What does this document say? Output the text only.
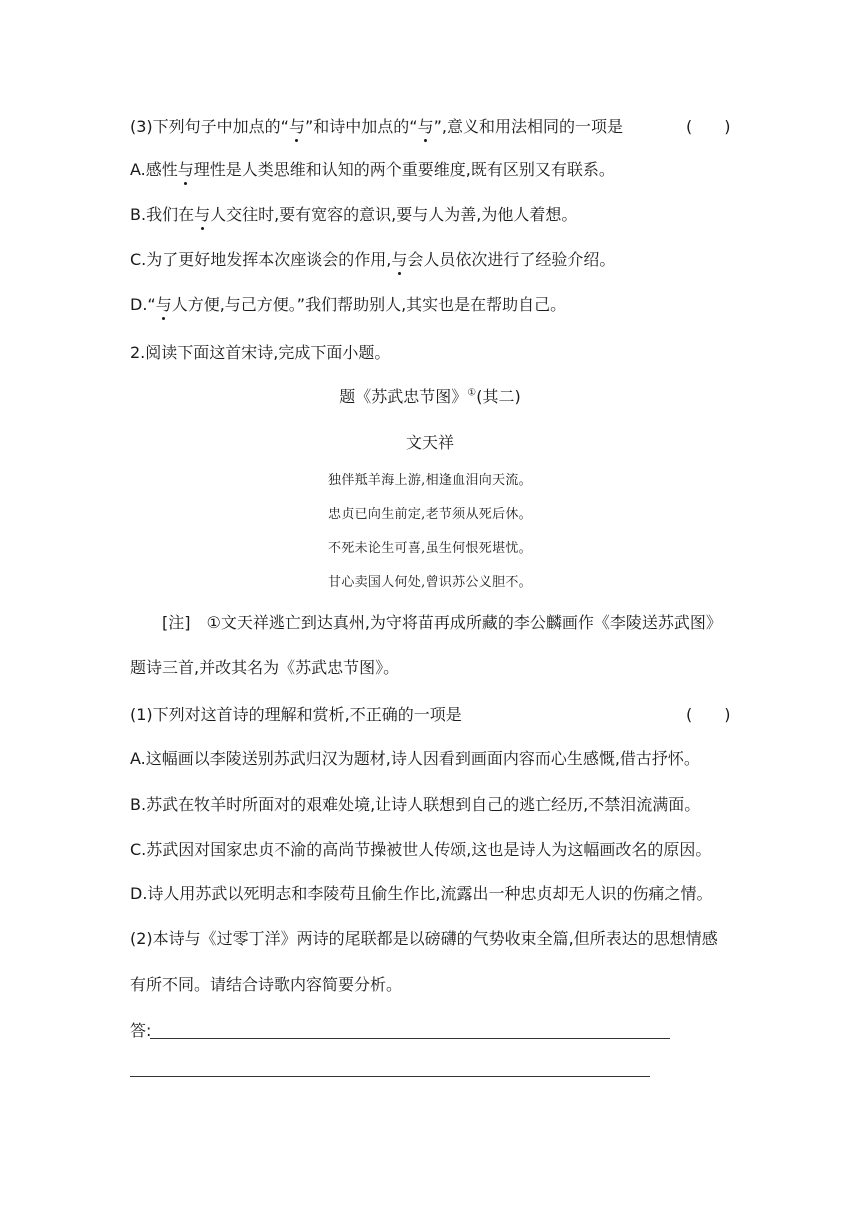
(3)下列句子中加点的“与”和诗中加点的“与”,意义和用法相同的一项是	(　　)
A.感性与理性是人类思维和认知的两个重要维度,既有区别又有联系。
B.我们在与人交往时,要有宽容的意识,要与人为善,为他人着想。
C.为了更好地发挥本次座谈会的作用,与会人员依次进行了经验介绍。
D.“与人方便,与己方便。”我们帮助别人,其实也是在帮助自己。
2.阅读下面这首宋诗,完成下面小题。
题《苏武忠节图》①(其二)
文天祥
独伴羝羊海上游,相逢血泪向天流。
忠贞已向生前定,老节须从死后休。
不死未论生可喜,虽生何恨死堪忧。
甘心卖国人何处,曾识苏公义胆不。
[注]　①文天祥逃亡到达真州,为守将苗再成所藏的李公麟画作《李陵送苏武图》
题诗三首,并改其名为《苏武忠节图》。
(1)下列对这首诗的理解和赏析,不正确的一项是	(　　)
A.这幅画以李陵送别苏武归汉为题材,诗人因看到画面内容而心生感慨,借古抒怀。
B.苏武在牧羊时所面对的艰难处境,让诗人联想到自己的逃亡经历,不禁泪流满面。
C.苏武因对国家忠贞不渝的高尚节操被世人传颂,这也是诗人为这幅画改名的原因。
D.诗人用苏武以死明志和李陵苟且偷生作比,流露出一种忠贞却无人识的伤痛之情。
(2)本诗与《过零丁洋》两诗的尾联都是以磅礴的气势收束全篇,但所表达的思想情感
有所不同。请结合诗歌内容简要分析。
答:
